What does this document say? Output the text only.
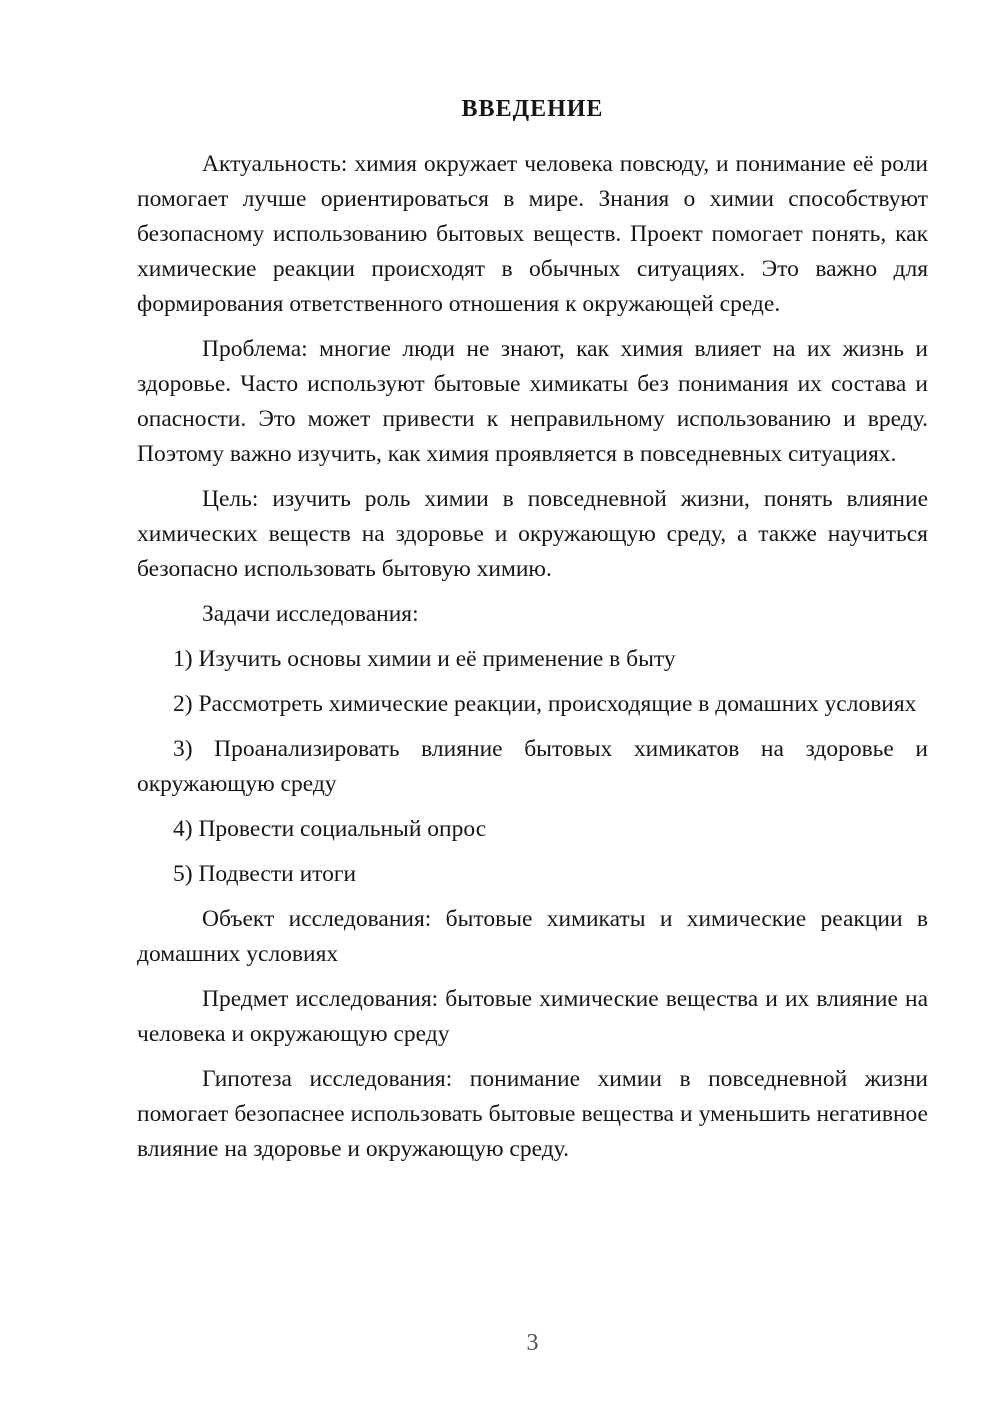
ВВЕДЕНИЕ

Актуальность: химия окружает человека повсюду, и понимание её роли помогает лучше ориентироваться в мире. Знания о химии способствуют безопасному использованию бытовых веществ. Проект помогает понять, как химические реакции происходят в обычных ситуациях. Это важно для формирования ответственного отношения к окружающей среде.

Проблема: многие люди не знают, как химия влияет на их жизнь и здоровье. Часто используют бытовые химикаты без понимания их состава и опасности. Это может привести к неправильному использованию и вреду. Поэтому важно изучить, как химия проявляется в повседневных ситуациях.

Цель: изучить роль химии в повседневной жизни, понять влияние химических веществ на здоровье и окружающую среду, а также научиться безопасно использовать бытовую химию.

Задачи исследования:

1) Изучить основы химии и её применение в быту

2) Рассмотреть химические реакции, происходящие в домашних условиях

3) Проанализировать влияние бытовых химикатов на здоровье и окружающую среду

4) Провести социальный опрос

5) Подвести итоги

Объект исследования: бытовые химикаты и химические реакции в домашних условиях

Предмет исследования: бытовые химические вещества и их влияние на человека и окружающую среду

Гипотеза исследования: понимание химии в повседневной жизни помогает безопаснее использовать бытовые вещества и уменьшить негативное влияние на здоровье и окружающую среду.

3
